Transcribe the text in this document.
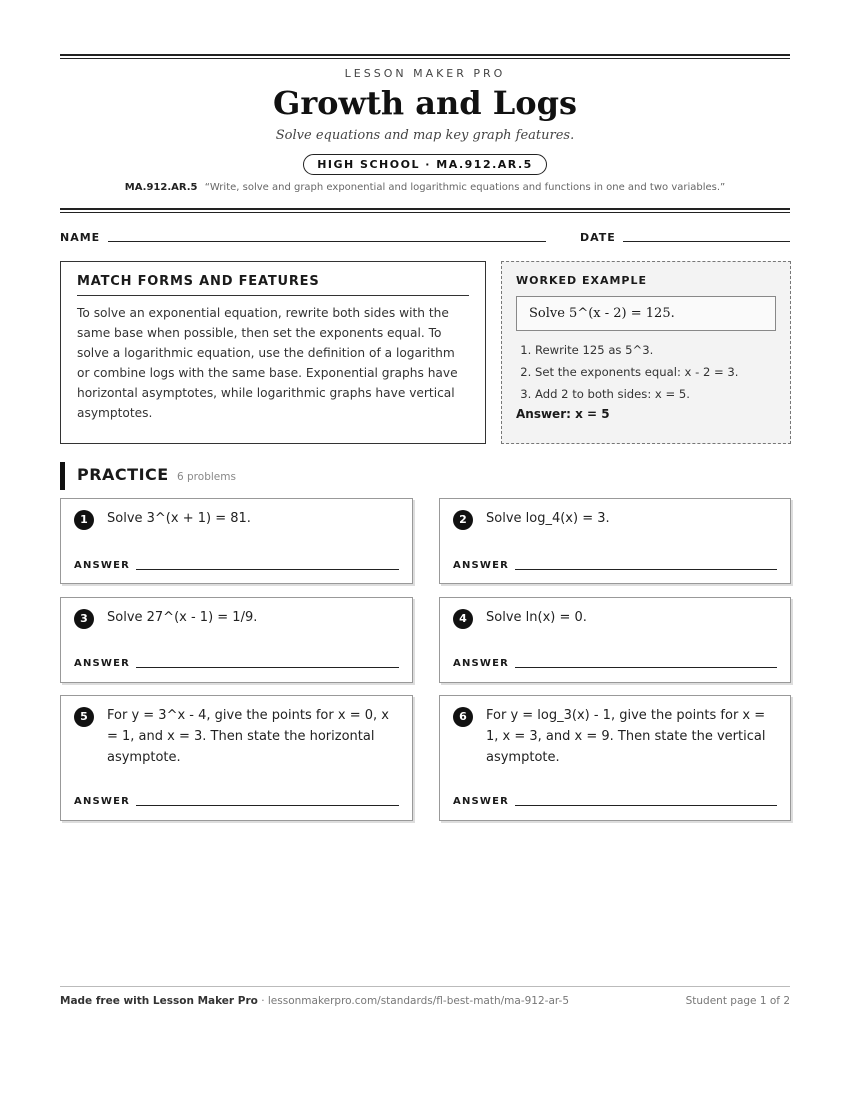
LESSON MAKER PRO
Growth and Logs
Solve equations and map key graph features.
HIGH SCHOOL · MA.912.AR.5
MA.912.AR.5 “Write, solve and graph exponential and logarithmic equations and functions in one and two variables.”
NAME	DATE
MATCH FORMS AND FEATURES

To solve an exponential equation, rewrite both sides with the same base when possible, then set the exponents equal. To solve a logarithmic equation, use the definition of a logarithm or combine logs with the same base. Exponential graphs have horizontal asymptotes, while logarithmic graphs have vertical asymptotes.

WORKED EXAMPLE
Solve 5^(x - 2) = 125.
1. Rewrite 125 as 5^3.
2. Set the exponents equal: x - 2 = 3.
3. Add 2 to both sides: x = 5.
Answer: x = 5
PRACTICE 6 problems
1	Solve 3^(x + 1) = 81.
ANSWER
2	Solve log_4(x) = 3.
ANSWER
3	Solve 27^(x - 1) = 1/9.
ANSWER
4	Solve ln(x) = 0.
ANSWER
5	For y = 3^x - 4, give the points for x = 0, x = 1, and x = 3. Then state the horizontal asymptote.
ANSWER
6	For y = log_3(x) - 1, give the points for x = 1, x = 3, and x = 9. Then state the vertical asymptote.
ANSWER
Made free with Lesson Maker Pro · lessonmakerpro.com/standards/fl-best-math/ma-912-ar-5	Student page 1 of 2
